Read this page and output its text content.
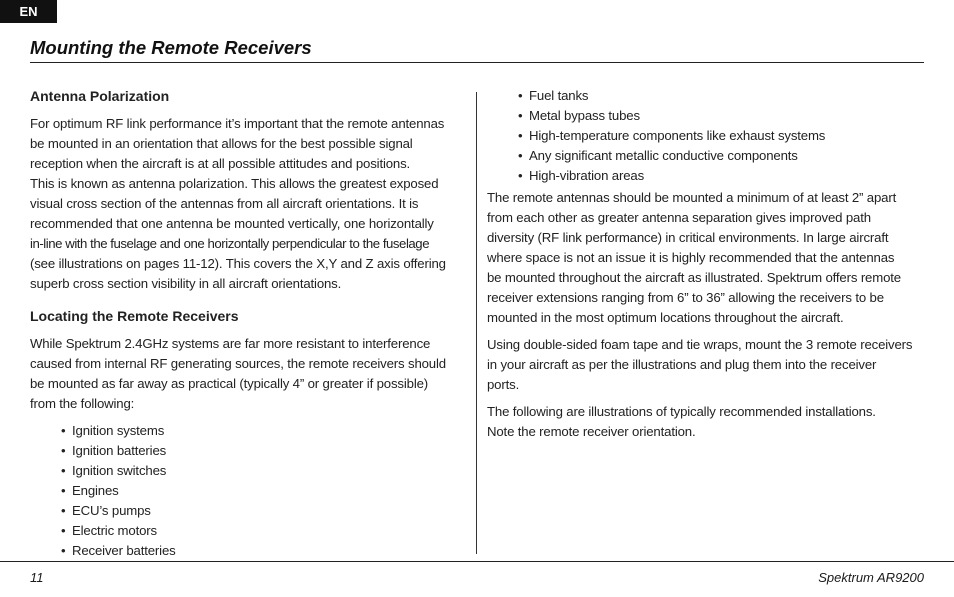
EN
Mounting the Remote Receivers
Antenna Polarization
For optimum RF link performance it’s important that the remote antennas
be mounted in an orientation that allows for the best possible signal
reception when the aircraft is at all possible attitudes and positions.
This is known as antenna polarization. This allows the greatest exposed
visual cross section of the antennas from all aircraft orientations. It is
recommended that one antenna be mounted vertically, one horizontally
in-line with the fuselage and one horizontally perpendicular to the fuselage
(see illustrations on pages 11-12). This covers the X,Y and Z axis offering
superb cross section visibility in all aircraft orientations.
Locating the Remote Receivers
While Spektrum 2.4GHz systems are far more resistant to interference
caused from internal RF generating sources, the remote receivers should
be mounted as far away as practical (typically 4” or greater if possible)
from the following:
• Ignition systems
• Ignition batteries
• Ignition switches
• Engines
• ECU’s pumps
• Electric motors
• Receiver batteries
• Fuel tanks
• Metal bypass tubes
• High-temperature components like exhaust systems
• Any significant metallic conductive components
• High-vibration areas
The remote antennas should be mounted a minimum of at least 2” apart
from each other as greater antenna separation gives improved path
diversity (RF link performance) in critical environments. In large aircraft
where space is not an issue it is highly recommended that the antennas
be mounted throughout the aircraft as illustrated. Spektrum offers remote
receiver extensions ranging from 6” to 36” allowing the receivers to be
mounted in the most optimum locations throughout the aircraft.
Using double-sided foam tape and tie wraps, mount the 3 remote receivers
in your aircraft as per the illustrations and plug them into the receiver
ports.
The following are illustrations of typically recommended installations.
Note the remote receiver orientation.
11	Spektrum AR9200
